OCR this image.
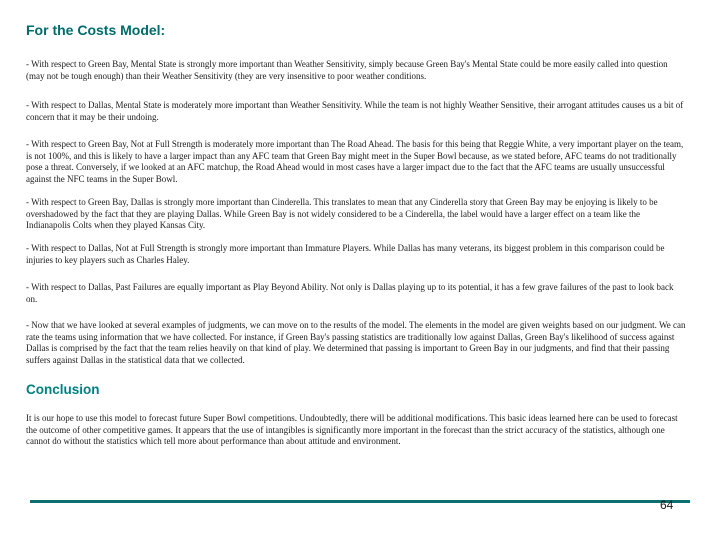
For the Costs Model:

- With respect to Green Bay, Mental State is strongly more important than Weather Sensitivity, simply because Green Bay's Mental State could be more easily called into question (may not be tough enough) than their Weather Sensitivity (they are very insensitive to poor weather conditions.

- With respect to Dallas, Mental State is moderately more important than Weather Sensitivity. While the team is not highly Weather Sensitive, their arrogant attitudes causes us a bit of concern that it may be their undoing.

- With respect to Green Bay, Not at Full Strength is moderately more important than The Road Ahead. The basis for this being that Reggie White, a very important player on the team, is not 100%, and this is likely to have a larger impact than any AFC team that Green Bay might meet in the Super Bowl because, as we stated before, AFC teams do not traditionally pose a threat. Conversely, if we looked at an AFC matchup, the Road Ahead would in most cases have a larger impact due to the fact that the AFC teams are usually unsuccessful against the NFC teams in the Super Bowl.

- With respect to Green Bay, Dallas is strongly more important than Cinderella. This translates to mean that any Cinderella story that Green Bay may be enjoying is likely to be overshadowed by the fact that they are playing Dallas. While Green Bay is not widely considered to be a Cinderella, the label would have a larger effect on a team like the Indianapolis Colts when they played Kansas City.

- With respect to Dallas, Not at Full Strength is strongly more important than Immature Players. While Dallas has many veterans, its biggest problem in this comparison could be injuries to key players such as Charles Haley.

- With respect to Dallas, Past Failures are equally important as Play Beyond Ability. Not only is Dallas playing up to its potential, it has a few grave failures of the past to look back on.

- Now that we have looked at several examples of judgments, we can move on to the results of the model. The elements in the model are given weights based on our judgment. We can rate the teams using information that we have collected. For instance, if Green Bay's passing statistics are traditionally low against Dallas, Green Bay's likelihood of success against Dallas is comprised by the fact that the team relies heavily on that kind of play. We determined that passing is important to Green Bay in our judgments, and find that their passing suffers against Dallas in the statistical data that we collected.

Conclusion

It is our hope to use this model to forecast future Super Bowl competitions. Undoubtedly, there will be additional modifications. This basic ideas learned here can be used to forecast the outcome of other competitive games. It appears that the use of intangibles is significantly more important in the forecast than the strict accuracy of the statistics, although one cannot do without the statistics which tell more about performance than about attitude and environment.

64
